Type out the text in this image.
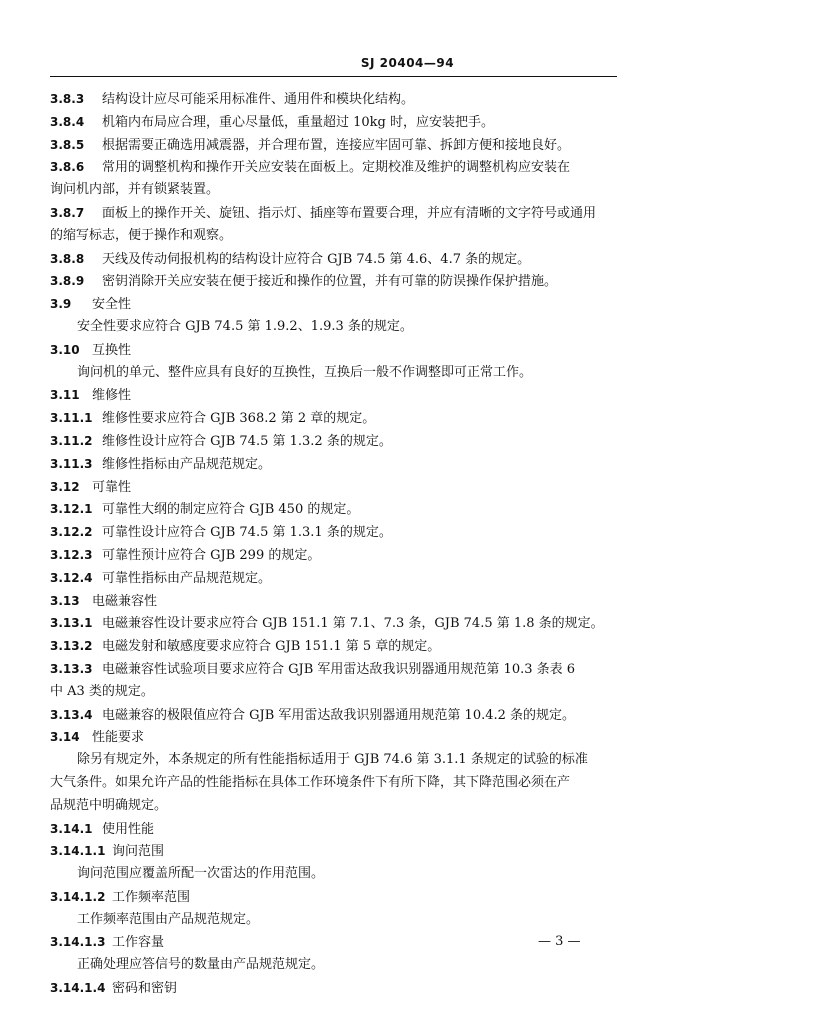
SJ 20404—94
3.8.3 结构设计应尽可能采用标准件、通用件和模块化结构。
3.8.4 机箱内布局应合理，重心尽量低，重量超过 10kg 时，应安装把手。
3.8.5 根据需要正确选用减震器，并合理布置，连接应牢固可靠、拆卸方便和接地良好。
3.8.6 常用的调整机构和操作开关应安装在面板上。定期校准及维护的调整机构应安装在
询问机内部，并有锁紧装置。
3.8.7 面板上的操作开关、旋钮、指示灯、插座等布置要合理，并应有清晰的文字符号或通用
的缩写标志，便于操作和观察。
3.8.8 天线及传动伺报机构的结构设计应符合 GJB 74.5 第 4.6、4.7 条的规定。
3.8.9 密钥消除开关应安装在便于接近和操作的位置，并有可靠的防误操作保护措施。
3.9 安全性
安全性要求应符合 GJB 74.5 第 1.9.2、1.9.3 条的规定。
3.10 互换性
询问机的单元、整件应具有良好的互换性，互换后一般不作调整即可正常工作。
3.11 维修性
3.11.1 维修性要求应符合 GJB 368.2 第 2 章的规定。
3.11.2 维修性设计应符合 GJB 74.5 第 1.3.2 条的规定。
3.11.3 维修性指标由产品规范规定。
3.12 可靠性
3.12.1 可靠性大纲的制定应符合 GJB 450 的规定。
3.12.2 可靠性设计应符合 GJB 74.5 第 1.3.1 条的规定。
3.12.3 可靠性预计应符合 GJB 299 的规定。
3.12.4 可靠性指标由产品规范规定。
3.13 电磁兼容性
3.13.1 电磁兼容性设计要求应符合 GJB 151.1 第 7.1、7.3 条，GJB 74.5 第 1.8 条的规定。
3.13.2 电磁发射和敏感度要求应符合 GJB 151.1 第 5 章的规定。
3.13.3 电磁兼容性试验项目要求应符合 GJB 军用雷达敌我识别器通用规范第 10.3 条表 6
中 A3 类的规定。
3.13.4 电磁兼容的极限值应符合 GJB 军用雷达敌我识别器通用规范第 10.4.2 条的规定。
3.14 性能要求
除另有规定外，本条规定的所有性能指标适用于 GJB 74.6 第 3.1.1 条规定的试验的标准
大气条件。如果允许产品的性能指标在具体工作环境条件下有所下降，其下降范围必须在产
品规范中明确规定。
3.14.1 使用性能
3.14.1.1 询问范围
询问范围应覆盖所配一次雷达的作用范围。
3.14.1.2 工作频率范围
工作频率范围由产品规范规定。
3.14.1.3 工作容量
正确处理应答信号的数量由产品规范规定。
3.14.1.4 密码和密钥
— 3 —
